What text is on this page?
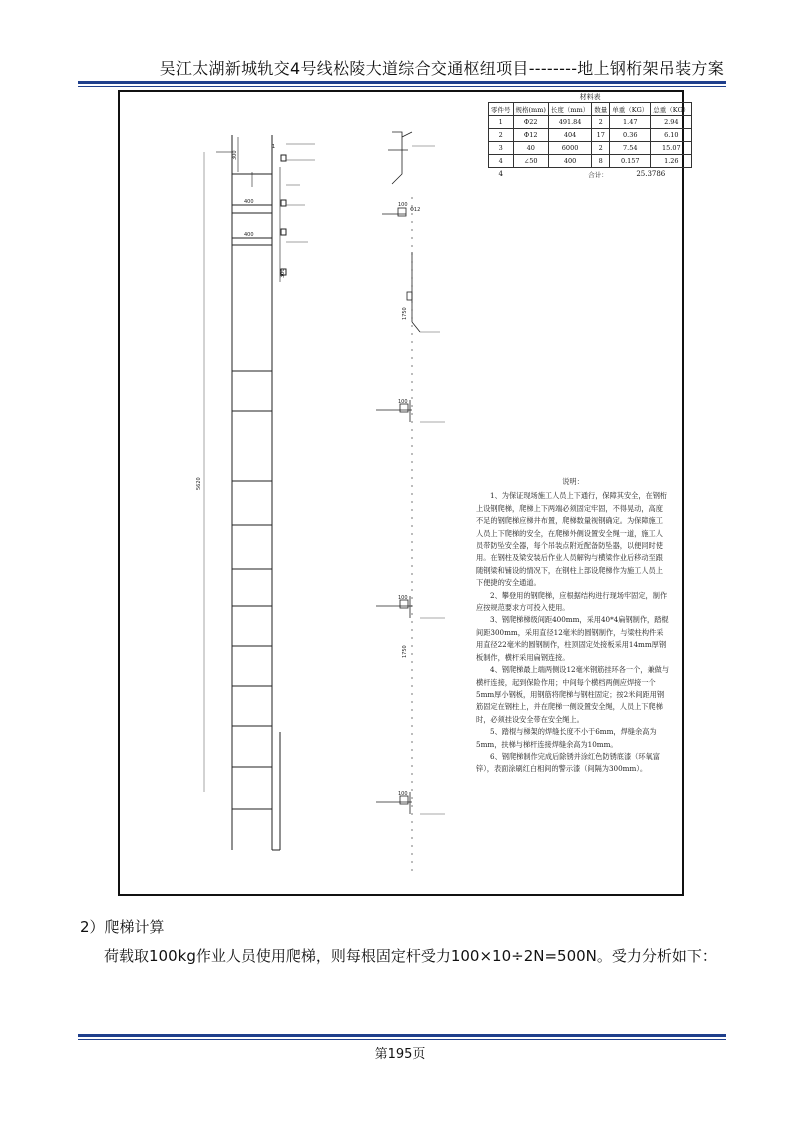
吴江太湖新城轨交4号线松陵大道综合交通枢纽项目--------地上钢桁架吊装方案
300
400
400
5620
300
1
100
Φ12
100
100
100
1750
1750
材料表					
零件号	规格(mm)	长度（mm）	数量	单重（KG）	总重（KG）
1	Φ22	491.84	2	1.47	2.94
2	Φ12	404	17	0.36	6.10
3	40	6000	2	7.54	15.07
4	∠50	400	8	0.157	1.26
4	合计：			25.3786	
说明：

1、为保证现场施工人员上下通行，保障其安全，在钢桁上设钢爬梯，爬梯上下两端必须固定牢固，不得晃动，高度不足的钢爬梯应梯井布置，爬梯数量视钢确定。为保障施工人员上下爬梯的安全，在爬梯外侧设置安全绳一道，施工人员带防坠安全器，每个吊装点附近配备防坠器，以便同时使用。在钢柱及梁安装后作业人员解钩与横梁作业后移动至跟随钢梁和铺设的情况下，在钢柱上部设爬梯作为施工人员上下便捷的安全通道。

2、攀登用的钢爬梯，应根据结构进行现场牢固定，制作应按规范要求方可投入使用。

3、钢爬梯梯级间距400mm，采用40*4扁钢制作，踏棍间距300mm，采用直径12毫米的圆钢制作，与梁柱构件采用直径22毫米的圆钢制作，柱顶固定处接板采用14mm厚钢板制作，横杆采用扁钢连接。

4、钢爬梯最上端两侧设12毫米钢筋挂环各一个，兼做与横杆连接，起到保险作用；中间每个横档两侧应焊接一个5mm厚小钢板，用钢筋将爬梯与钢柱固定；按2米间距用钢筋固定在钢柱上，并在爬梯一侧设置安全绳，人员上下爬梯时，必须挂设安全带在安全绳上。

5、踏棍与梯架的焊缝长度不小于6mm，焊缝余高为5mm，扶梯与梯杆连接焊缝余高为10mm。

6、钢爬梯制作完成后除锈并涂红色防锈底漆（环氧富锌），表面涂刷红白相间的警示漆（间隔为300mm）。

2）爬梯计算
荷载取100kg作业人员使用爬梯，则每根固定杆受力100×10÷2N=500N。受力分析如下：
第195页
